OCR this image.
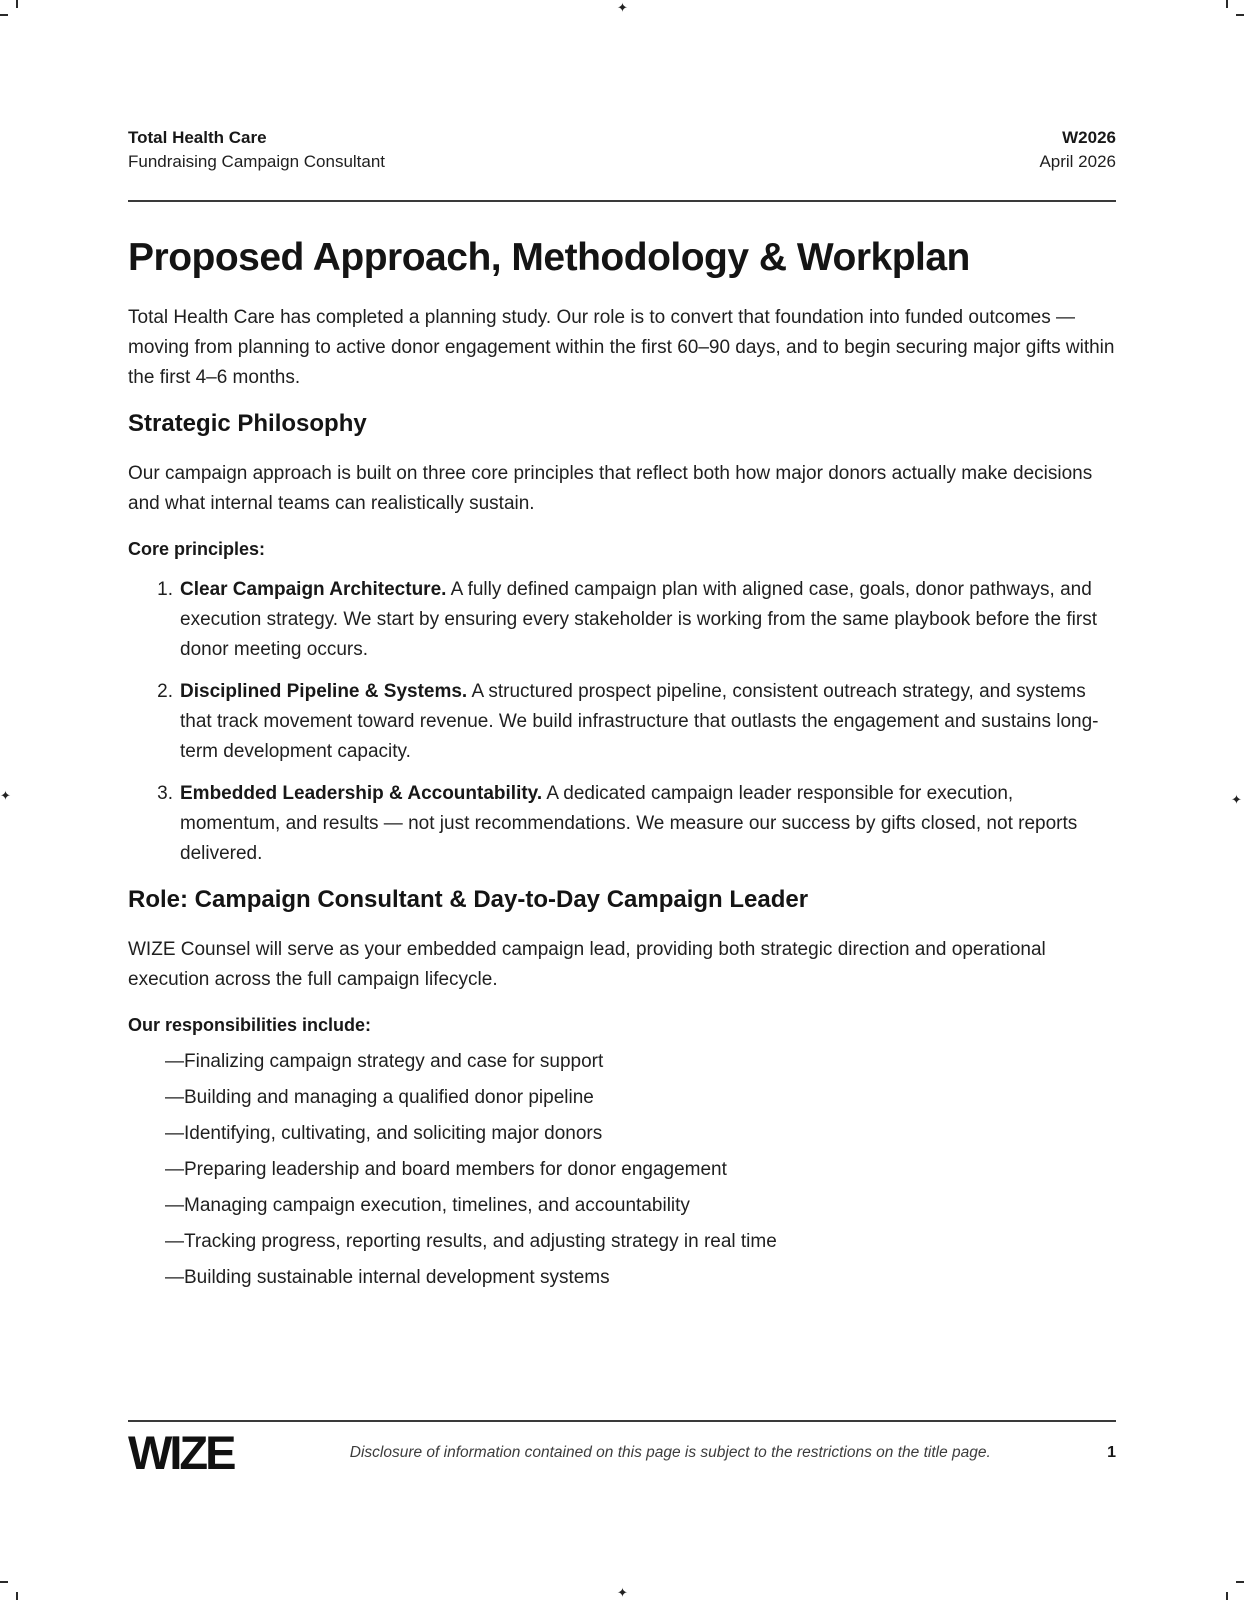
✦
✦
✦	✦
Total Health Care
Fundraising Campaign Consultant
W2026
April 2026
Proposed Approach, Methodology & Workplan

Total Health Care has completed a planning study. Our role is to convert that foundation into funded outcomes — moving from planning to active donor engagement within the first 60–90 days, and to begin securing major gifts within the first 4–6 months.

Strategic Philosophy

Our campaign approach is built on three core principles that reflect both how major donors actually make decisions and what internal teams can realistically sustain.

Core principles:
1. Clear Campaign Architecture. A fully defined campaign plan with aligned case, goals, donor pathways, and execution strategy. We start by ensuring every stakeholder is working from the same playbook before the first donor meeting occurs.
2. Disciplined Pipeline & Systems. A structured prospect pipeline, consistent outreach strategy, and systems that track movement toward revenue. We build infrastructure that outlasts the engagement and sustains long-term development capacity.
3. Embedded Leadership & Accountability. A dedicated campaign leader responsible for execution, momentum, and results — not just recommendations. We measure our success by gifts closed, not reports delivered.
Role: Campaign Consultant & Day-to-Day Campaign Leader

WIZE Counsel will serve as your embedded campaign lead, providing both strategic direction and operational execution across the full campaign lifecycle.

Our responsibilities include:
—Finalizing campaign strategy and case for support
—Building and managing a qualified donor pipeline
—Identifying, cultivating, and soliciting major donors
—Preparing leadership and board members for donor engagement
—Managing campaign execution, timelines, and accountability
—Tracking progress, reporting results, and adjusting strategy in real time
—Building sustainable internal development systems
WIZE	Disclosure of information contained on this page is subject to the restrictions on the title page.	1
